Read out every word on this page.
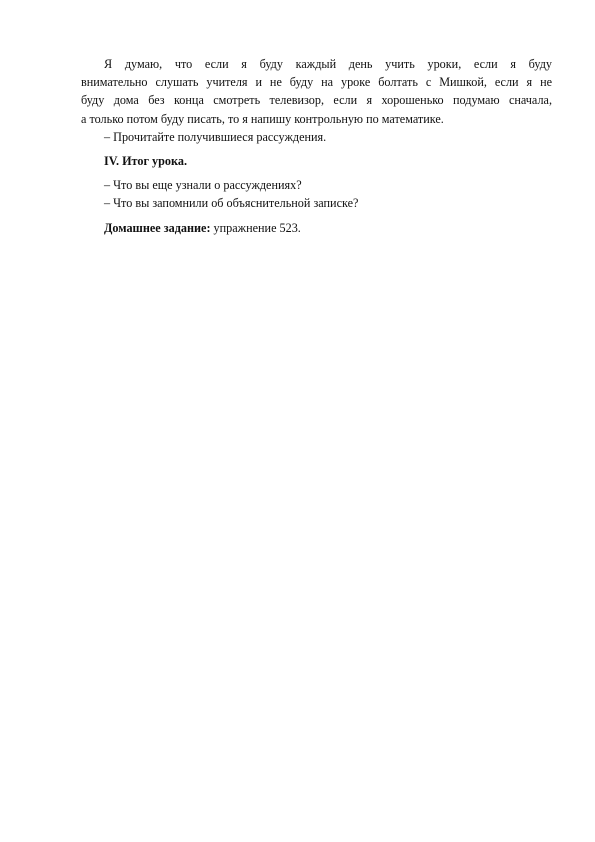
Я думаю, что если я буду каждый день учить уроки, если я буду
внимательно слушать учителя и не буду на уроке болтать с Мишкой, если я не
буду дома без конца смотреть телевизор, если я хорошенько подумаю сначала,
а только потом буду писать, то я напишу контрольную по математике.
– Прочитайте получившиеся рассуждения.
IV. Итог урока.
– Что вы еще узнали о рассуждениях?
– Что вы запомнили об объяснительной записке?
Домашнее задание: упражнение 523.
